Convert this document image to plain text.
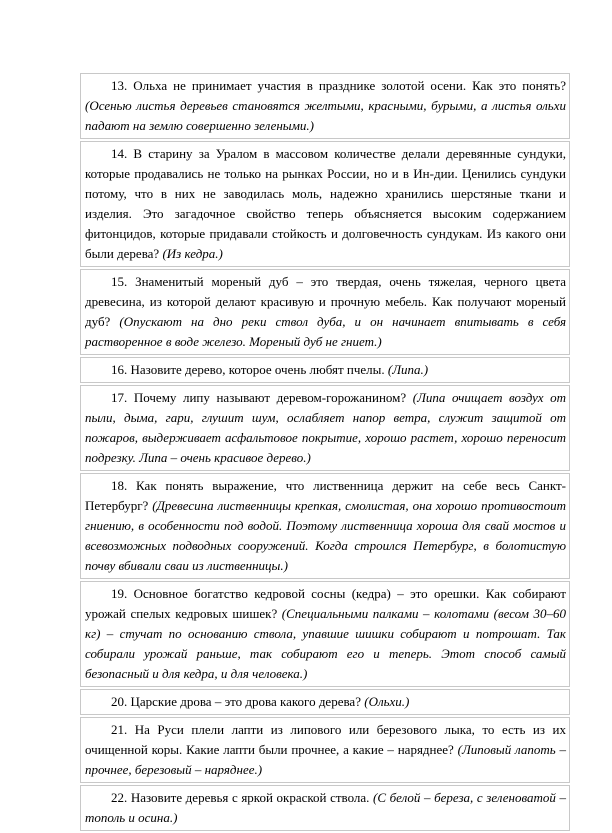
13. Ольха не принимает участия в празднике золотой осени. Как это понять? (Осенью листья деревьев становятся желтыми, красными, бурыми, а листья ольхи падают на землю совершенно зелеными.)

14. В старину за Уралом в массовом количестве делали деревянные сундуки, которые продавались не только на рынках России, но и в Ин-дии. Ценились сундуки потому, что в них не заводилась моль, надежно хранились шерстяные ткани и изделия. Это загадочное свойство теперь объясняется высоким содержанием фитонцидов, которые придавали стойкость и долговечность сундукам. Из какого они были дерева? (Из кедра.)

15. Знаменитый мореный дуб – это твердая, очень тяжелая, черного цвета древесина, из которой делают красивую и прочную мебель. Как получают мореный дуб? (Опускают на дно реки ствол дуба, и он начинает впитывать в себя растворенное в воде железо. Мореный дуб не гниет.)

16. Назовите дерево, которое очень любят пчелы. (Липа.)

17. Почему липу называют деревом-горожанином? (Липа очищает воздух от пыли, дыма, гари, глушит шум, ослабляет напор ветра, служит защитой от пожаров, выдерживает асфальтовое покрытие, хорошо растет, хорошо переносит подрезку. Липа – очень красивое дерево.)

18. Как понять выражение, что лиственница держит на себе весь Санкт-Петербург? (Древесина лиственницы крепкая, смолистая, она хорошо противостоит гниению, в особенности под водой. Поэтому лиственница хороша для свай мостов и всевозможных подводных сооружений. Когда строился Петербург, в болотистую почву вбивали сваи из лиственницы.)

19. Основное богатство кедровой сосны (кедра) – это орешки. Как собирают урожай спелых кедровых шишек? (Специальными палками – колотами (весом 30–60 кг) – стучат по основанию ствола, упавшие шишки собирают и потрошат. Так собирали урожай раньше, так собирают его и теперь. Этот способ самый безопасный и для кедра, и для человека.)

20. Царские дрова – это дрова какого дерева? (Ольхи.)

21. На Руси плели лапти из липового или березового лыка, то есть из их очищенной коры. Какие лапти были прочнее, а какие – наряднее? (Липовый лапоть – прочнее, березовый – наряднее.)

22. Назовите деревья с яркой окраской ствола. (С белой – береза, с зеленоватой – тополь и осина.)
